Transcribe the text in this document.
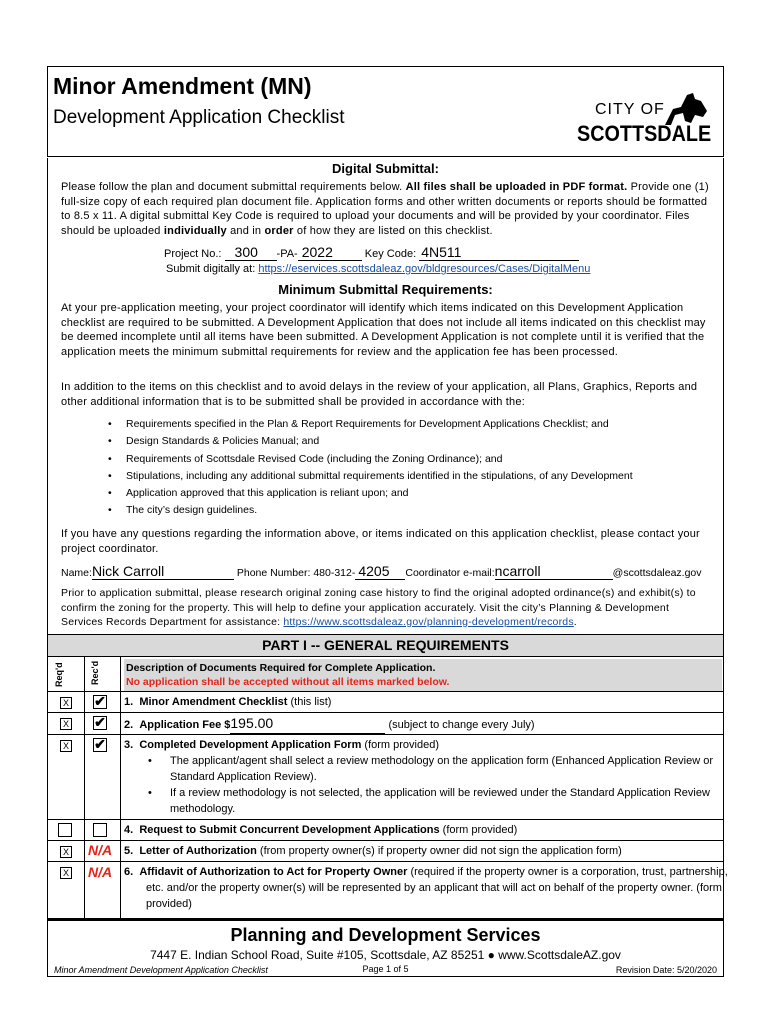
Minor Amendment (MN)
Development Application Checklist	CITY OF
SCOTTSDALE
Digital Submittal:
Please follow the plan and document submittal requirements below. All files shall be uploaded in PDF format. Provide one (1) full-size copy of each required plan document file. Application forms and other written documents or reports should be formatted to 8.5 x 11. A digital submittal Key Code is required to upload your documents and will be provided by your coordinator. Files should be uploaded individually and in order of how they are listed on this checklist.
Project No.: 300 -PA- 2022	Key Code: 4N511
Submit digitally at: https://eservices.scottsdaleaz.gov/bldgresources/Cases/DigitalMenu
Minimum Submittal Requirements:
At your pre-application meeting, your project coordinator will identify which items indicated on this Development Application checklist are required to be submitted. A Development Application that does not include all items indicated on this checklist may be deemed incomplete until all items have been submitted. A Development Application is not complete until it is verified that the application meets the minimum submittal requirements for review and the application fee has been processed.
In addition to the items on this checklist and to avoid delays in the review of your application, all Plans, Graphics, Reports and other additional information that is to be submitted shall be provided in accordance with the:
• Requirements specified in the Plan & Report Requirements for Development Applications Checklist; and
• Design Standards & Policies Manual; and
• Requirements of Scottsdale Revised Code (including the Zoning Ordinance); and
• Stipulations, including any additional submittal requirements identified in the stipulations, of any Development
• Application approved that this application is reliant upon; and
• The city’s design guidelines.
If you have any questions regarding the information above, or items indicated on this application checklist, please contact your project coordinator.
Name:Nick Carroll	Phone Number: 480-312- 4205 Coordinator e-mail:ncarroll	@scottsdaleaz.gov
Prior to application submittal, please research original zoning case history to find the original adopted ordinance(s) and exhibit(s) to confirm the zoning for the property. This will help to define your application accurately. Visit the city’s Planning & Development Services Records Department for assistance: https://www.scottsdaleaz.gov/planning-development/records.
PART I -- GENERAL REQUIREMENTS
Req'd	Rec'd Description of Documents Required for Complete Application.
No application shall be accepted without all items marked below.
X ✔ 1. Minor Amendment Checklist (this list)
X ✔ 2. Application Fee $195.00	(subject to change every July)
X ✔ 3. Completed Development Application Form (form provided)
• The applicant/agent shall select a review methodology on the application form (Enhanced Application Review or Standard Application Review).
• If a review methodology is not selected, the application will be reviewed under the Standard Application Review methodology.
4. Request to Submit Concurrent Development Applications (form provided)
X N/A 5. Letter of Authorization (from property owner(s) if property owner did not sign the application form)
X N/A 6. Affidavit of Authorization to Act for Property Owner (required if the property owner is a corporation, trust, partnership, etc. and/or the property owner(s) will be represented by an applicant that will act on behalf of the property owner. (form provided)
Planning and Development Services
7447 E. Indian School Road, Suite #105, Scottsdale, AZ 85251 ● www.ScottsdaleAZ.gov
Minor Amendment Development Application Checklist	Page 1 of 5	Revision Date: 5/20/2020
